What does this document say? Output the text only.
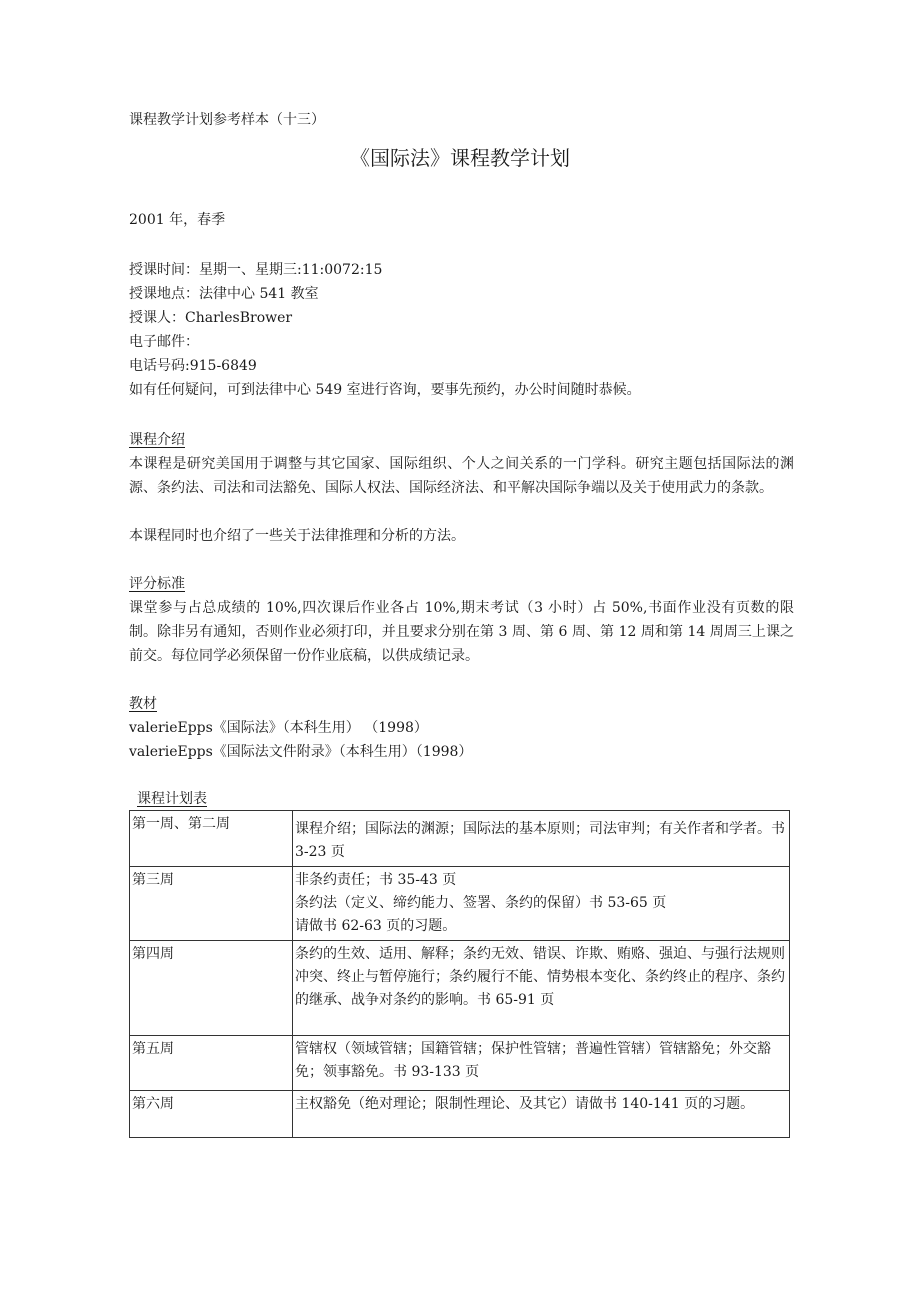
课程教学计划参考样本（十三）
《国际法》课程教学计划
2001 年，春季
授课时间：星期一、星期三:11:0072:15
授课地点：法律中心 541 教室
授课人：CharlesBrower
电子邮件：
电话号码:915-6849
如有任何疑问，可到法律中心 549 室进行咨询，要事先预约，办公时间随时恭候。
课程介绍
本课程是研究美国用于调整与其它国家、国际组织、个人之间关系的一门学科。研究主题包括国际法的渊源、条约法、司法和司法豁免、国际人权法、国际经济法、和平解决国际争端以及关于使用武力的条款。
本课程同时也介绍了一些关于法律推理和分析的方法。
评分标准
课堂参与占总成绩的 10%,四次课后作业各占 10%,期末考试（3 小时）占 50%,书面作业没有页数的限制。除非另有通知，否则作业必须打印，并且要求分别在第 3 周、第 6 周、第 12 周和第 14 周周三上课之前交。每位同学必须保留一份作业底稿，以供成绩记录。
教材
valerieEpps《国际法》（本科生用） （1998）
valerieEpps《国际法文件附录》（本科生用）（1998）
课程计划表
第一周、第二周	课程介绍；国际法的渊源；国际法的基本原则；司法审判；有关作者和学者。书 3-23 页

第三周	非条约责任；书 35-43 页
条约法（定义、缔约能力、签署、条约的保留）书 53-65 页
请做书 62-63 页的习题。

第四周	条约的生效、适用、解释；条约无效、错误、诈欺、贿赂、强迫、与强行法规则冲突、终止与暂停施行；条约履行不能、情势根本变化、条约终止的程序、条约的继承、战争对条约的影响。书 65-91 页

第五周	管辖权（领域管辖；国籍管辖；保护性管辖；普遍性管辖）管辖豁免；外交豁免；领事豁免。书 93-133 页

第六周	主权豁免（绝对理论；限制性理论、及其它）请做书 140-141 页的习题。
